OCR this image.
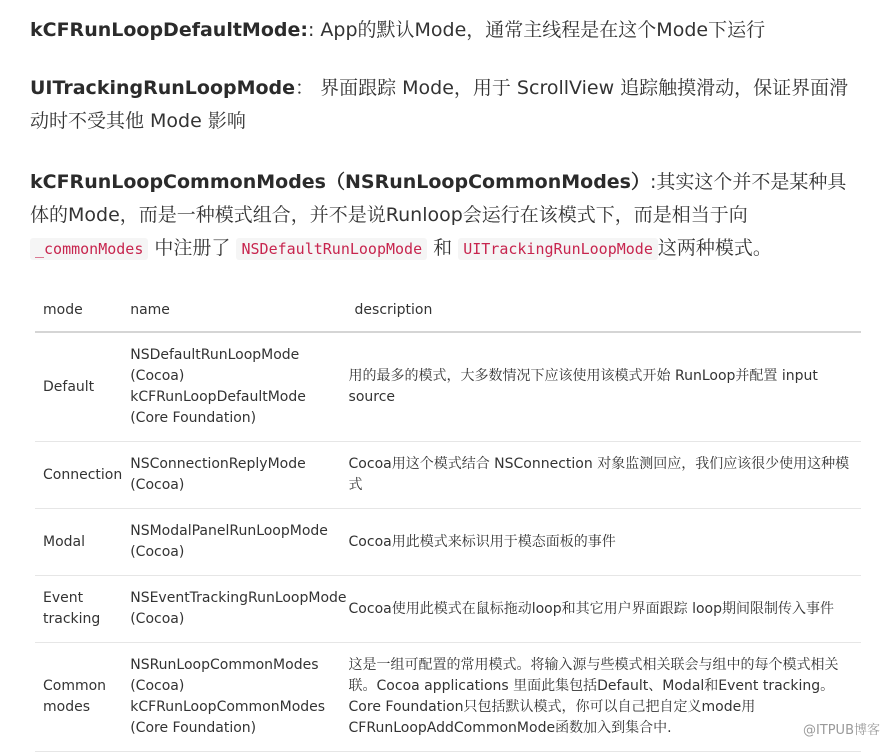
kCFRunLoopDefaultMode:: App的默认Mode，通常主线程是在这个Mode下运行
UITrackingRunLoopMode： 界面跟踪 Mode，用于 ScrollView 追踪触摸滑动，保证界面滑动时不受其他 Mode 影响
kCFRunLoopCommonModes（NSRunLoopCommonModes）:其实这个并不是某种具体的Mode，而是一种模式组合，并不是说Runloop会运行在该模式下，而是相当于向 _commonModes 中注册了 NSDefaultRunLoopMode 和 UITrackingRunLoopMode 这两种模式。
mode	name	description
Default	NSDefaultRunLoopMode (Cocoa) kCFRunLoopDefaultMode (Core Foundation)	用的最多的模式，大多数情况下应该使用该模式开始 RunLoop并配置 input source
Connection	NSConnectionReplyMode (Cocoa)	Cocoa用这个模式结合 NSConnection 对象监测回应，我们应该很少使用这种模式
Modal	NSModalPanelRunLoopMode (Cocoa)	Cocoa用此模式来标识用于模态面板的事件
Event tracking	NSEventTrackingRunLoopMode (Cocoa)	Cocoa使用此模式在鼠标拖动loop和其它用户界面跟踪 loop期间限制传入事件
Common modes	NSRunLoopCommonModes (Cocoa) kCFRunLoopCommonModes (Core Foundation)	这是一组可配置的常用模式。将输入源与些模式相关联会与组中的每个模式相关联。Cocoa applications 里面此集包括Default、Modal和Event tracking。Core Foundation只包括默认模式，你可以自己把自定义mode用CFRunLoopAddCommonMode函数加入到集合中.	@ITPUB博客
